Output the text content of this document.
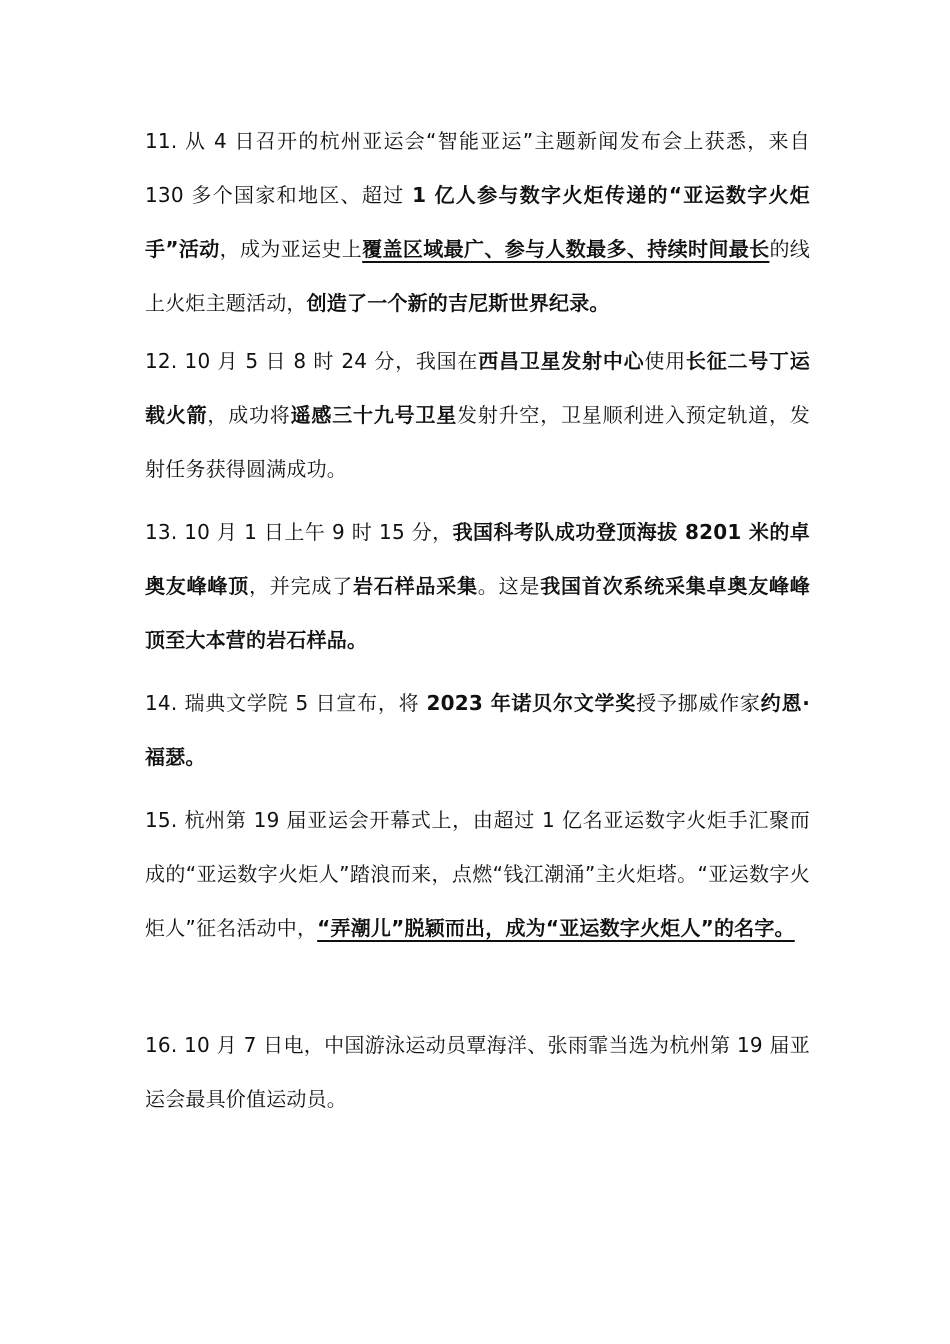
11. 从 4 日召开的杭州亚运会“智能亚运”主题新闻发布会上获悉，来自 130 多个国家和地区、超过 1 亿人参与数字火炬传递的“亚运数字火炬手”活动，成为亚运史上覆盖区域最广、参与人数最多、持续时间最长的线上火炬主题活动，创造了一个新的吉尼斯世界纪录。

12. 10 月 5 日 8 时 24 分，我国在西昌卫星发射中心使用长征二号丁运载火箭，成功将遥感三十九号卫星发射升空，卫星顺利进入预定轨道，发射任务获得圆满成功。

13. 10 月 1 日上午 9 时 15 分，我国科考队成功登顶海拔 8201 米的卓奥友峰峰顶，并完成了岩石样品采集。这是我国首次系统采集卓奥友峰峰顶至大本营的岩石样品。

14. 瑞典文学院 5 日宣布，将 2023 年诺贝尔文学奖授予挪威作家约恩·福瑟。

15. 杭州第 19 届亚运会开幕式上，由超过 1 亿名亚运数字火炬手汇聚而成的“亚运数字火炬人”踏浪而来，点燃“钱江潮涌”主火炬塔。“亚运数字火炬人”征名活动中，“弄潮儿”脱颖而出，成为“亚运数字火炬人”的名字。

16. 10 月 7 日电，中国游泳运动员覃海洋、张雨霏当选为杭州第 19 届亚运会最具价值运动员。
